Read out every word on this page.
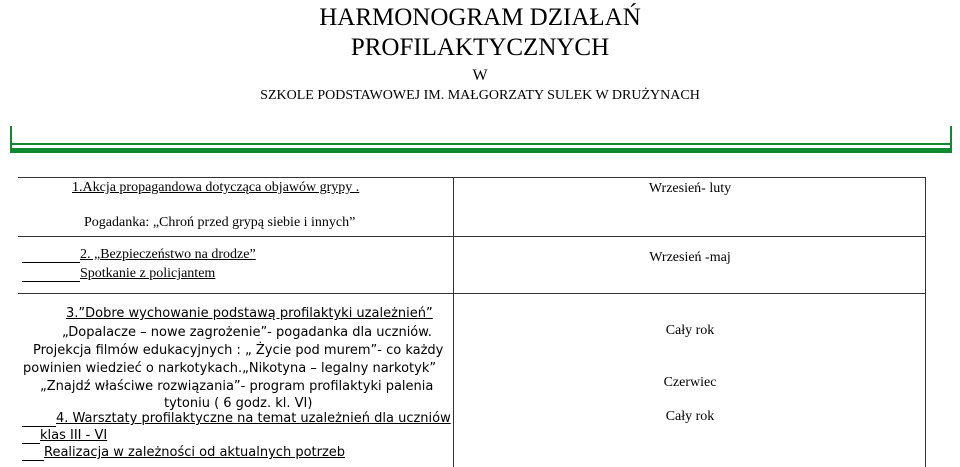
HARMONOGRAM DZIAŁAŃ
PROFILAKTYCZNYCH
W
SZKOLE PODSTAWOWEJ IM. MAŁGORZATY SULEK W DRUŻYNACH
1.Akcja propagandowa dotycząca objawów grypy .
Pogadanka: „Chroń przed grypą siebie i innych”
Wrzesień- luty
2. „Bezpieczeństwo na drodze”
Spotkanie z policjantem
Wrzesień -maj
3.”Dobre wychowanie podstawą profilaktyki uzależnień”
„Dopalacze – nowe zagrożenie”- pogadanka dla uczniów.
Projekcja filmów edukacyjnych : „ Życie pod murem”- co każdy
powinien wiedzieć o narkotykach.„Nikotyna – legalny narkotyk”
„Znajdź właściwe rozwiązania”- program profilaktyki palenia
tytoniu ( 6 godz. kl. VI)
4. Warsztaty profilaktyczne na temat uzależnień dla uczniów
klas III - VI
Realizacja w zależności od aktualnych potrzeb
Cały rok
Czerwiec
Cały rok
